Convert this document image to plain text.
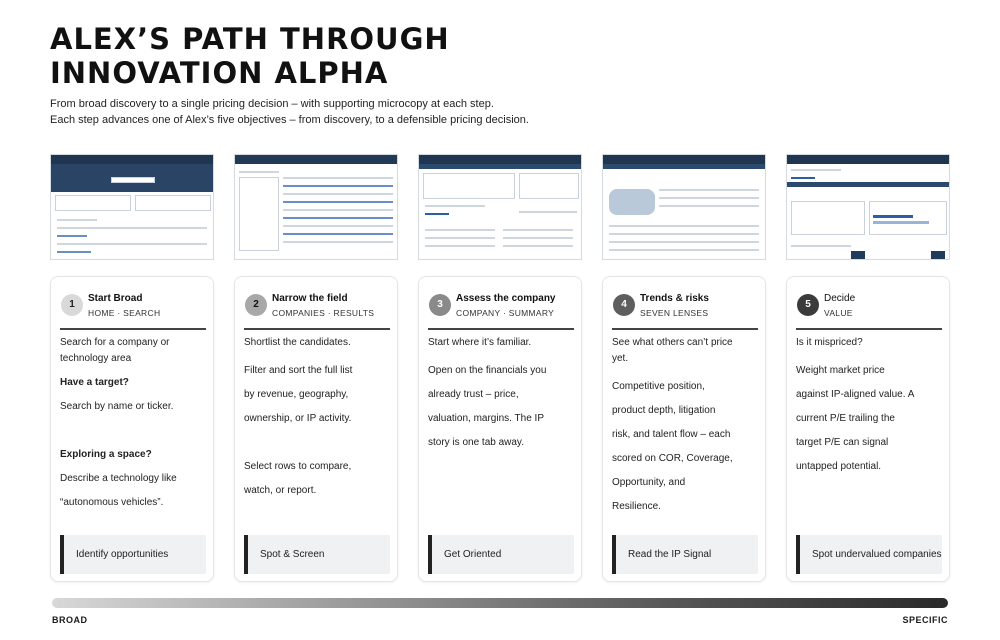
ALEX’S PATH THROUGH
INNOVATION ALPHA
From broad discovery to a single pricing decision – with supporting microcopy at each step.
Each step advances one of Alex’s five objectives – from discovery, to a defensible pricing decision.
1
Start Broad
HOME · SEARCH

Search for a company or

technology area

Have a target?

Search by name or ticker.

Exploring a space?

Describe a technology like

“autonomous vehicles”.

Identify opportunities
2
Narrow the field
COMPANIES · RESULTS

Shortlist the candidates.

Filter and sort the full list

by revenue, geography,

ownership, or IP activity.

Select rows to compare,

watch, or report.

Spot & Screen
3
Assess the company
COMPANY · SUMMARY

Start where it’s familiar.

Open on the financials you

already trust – price,

valuation, margins. The IP

story is one tab away.

Get Oriented
4
Trends & risks
SEVEN LENSES

See what others can’t price

yet.

Competitive position,

product depth, litigation

risk, and talent flow – each

scored on COR, Coverage,

Opportunity, and

Resilience.

Read the IP Signal
5
Decide
VALUE

Is it mispriced?

Weight market price

against IP-aligned value. A

current P/E trailing the

target P/E can signal

untapped potential.

Spot undervalued companies
BROAD	SPECIFIC
